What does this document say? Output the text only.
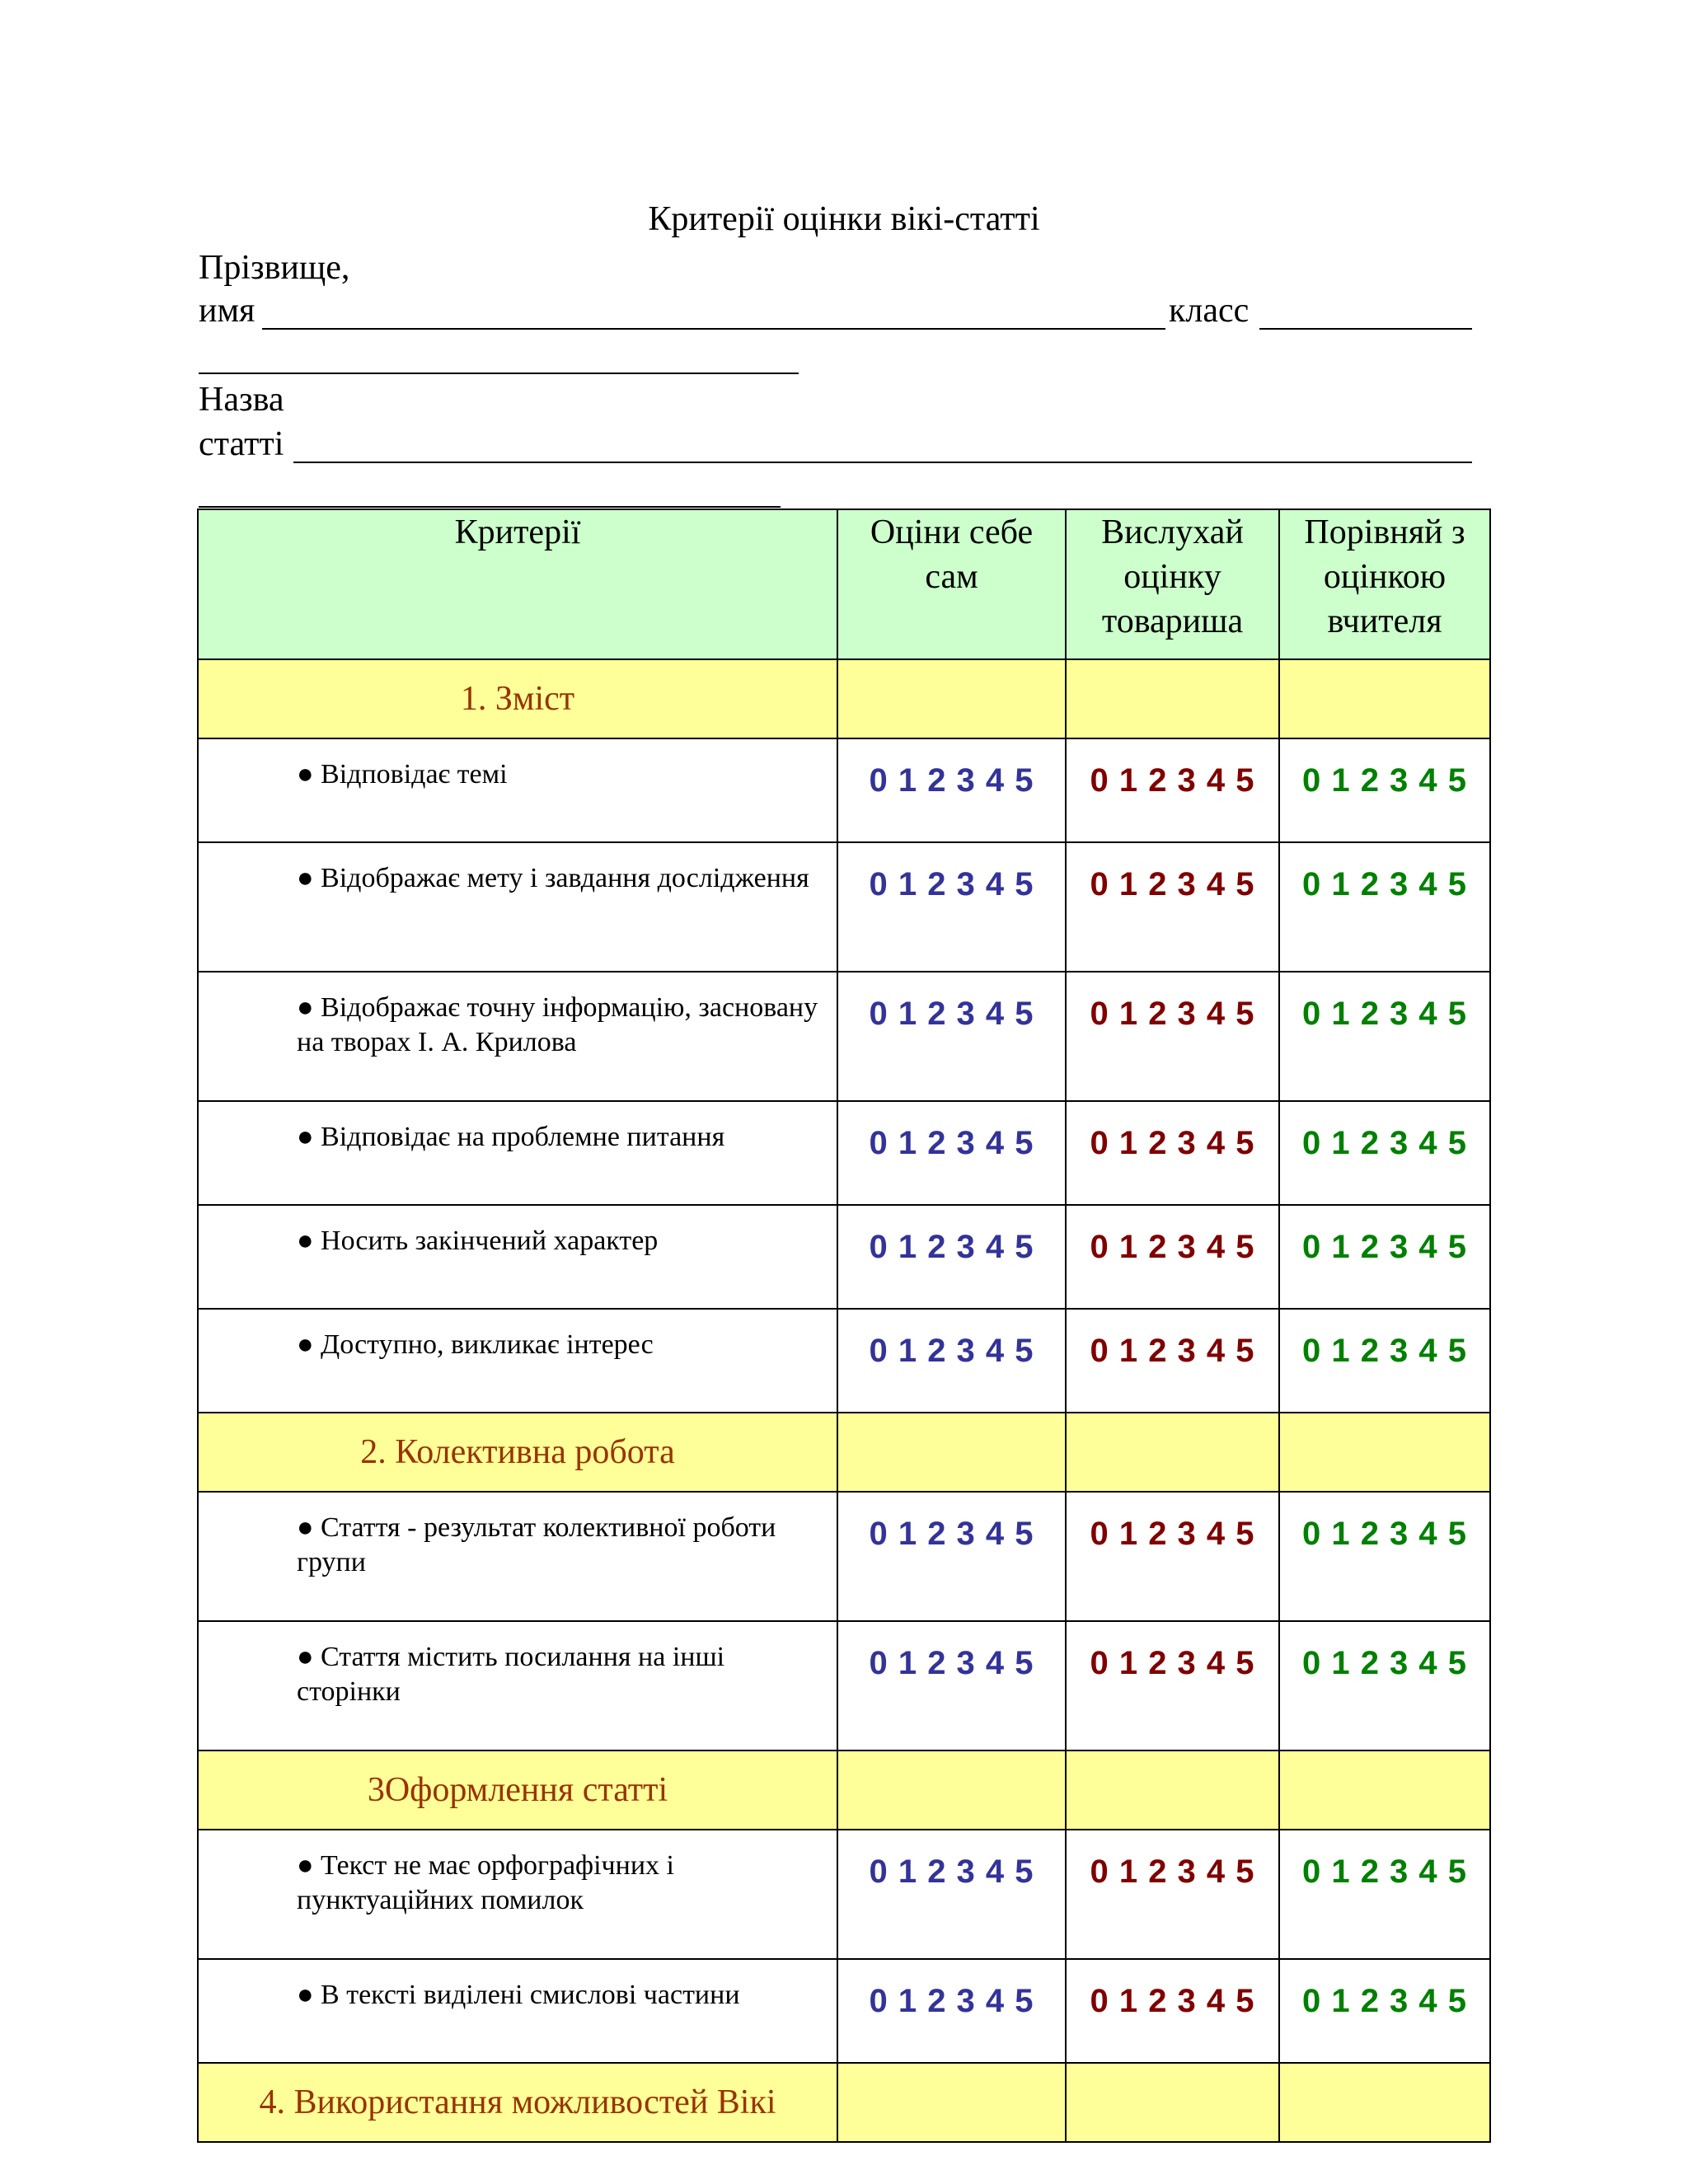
Критерії оцінки вікі-статті
Прізвище,
имя	класс
Назва
статті
Критерії	Оціни себе сам	Вислухай оцінку товариша	Порівняй з оцінкою вчителя
1. Зміст			
● Відповідає темі	0 1 2 3 4 5	0 1 2 3 4 5	0 1 2 3 4 5
● Відображає мету і завдання дослідження	0 1 2 3 4 5	0 1 2 3 4 5	0 1 2 3 4 5
● Відображає точну інформацію, засновану на творах І. А. Крилова	0 1 2 3 4 5	0 1 2 3 4 5	0 1 2 3 4 5
● Відповідає на проблемне питання	0 1 2 3 4 5	0 1 2 3 4 5	0 1 2 3 4 5
● Носить закінчений характер	0 1 2 3 4 5	0 1 2 3 4 5	0 1 2 3 4 5
● Доступно, викликає інтерес	0 1 2 3 4 5	0 1 2 3 4 5	0 1 2 3 4 5
2. Колективна робота			
● Стаття - результат колективної роботи групи	0 1 2 3 4 5	0 1 2 3 4 5	0 1 2 3 4 5
● Стаття містить посилання на інші сторінки	0 1 2 3 4 5	0 1 2 3 4 5	0 1 2 3 4 5
3Оформлення статті			
● Текст не має орфографічних і пунктуаційних помилок	0 1 2 3 4 5	0 1 2 3 4 5	0 1 2 3 4 5
● В тексті виділені смислові частини	0 1 2 3 4 5	0 1 2 3 4 5	0 1 2 3 4 5
4. Використання можливостей Вікі			
